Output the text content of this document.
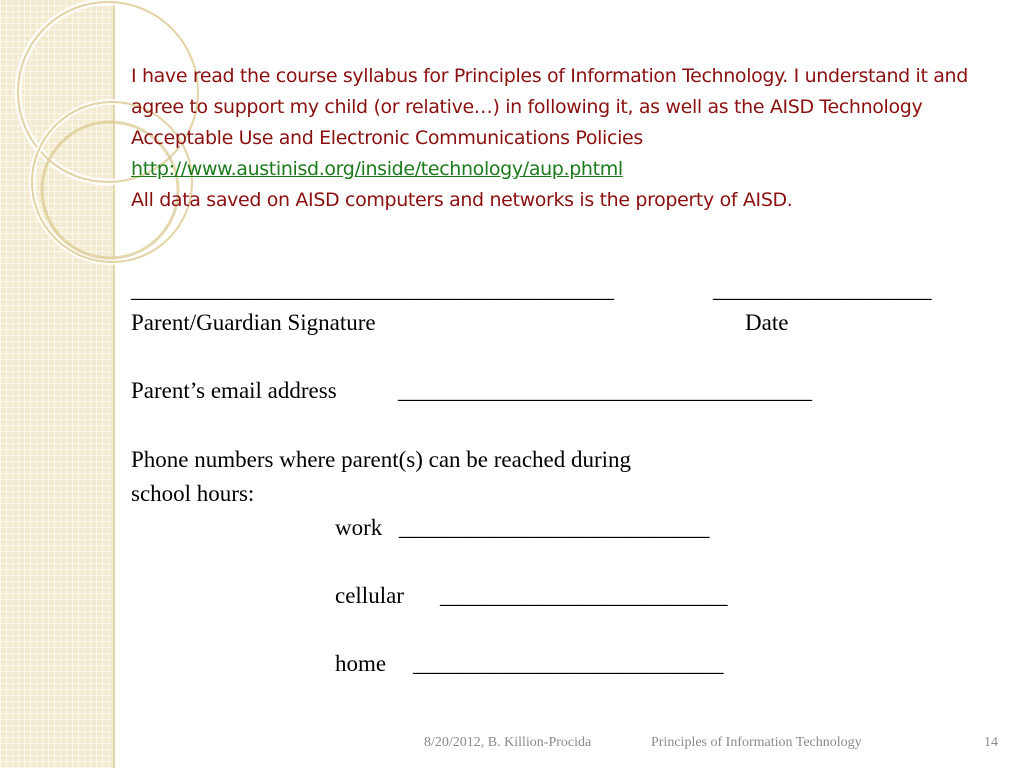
I have read the course syllabus for Principles of Information Technology. I understand it and agree to support my child (or relative…) in following it, as well as the AISD Technology Acceptable Use and Electronic Communications Policies

http://www.austinisd.org/inside/technology/aup.phtml

All data saved on AISD computers and networks is the property of AISD.

__________________________________________	___________________
Parent/Guardian Signature	Date
Parent’s email address	____________________________________
Phone numbers where parent(s) can be reached during
school hours:
work ___________________________
cellular _________________________
home ___________________________
8/20/2012, B. Killion-Procida	Principles of Information Technology	14
